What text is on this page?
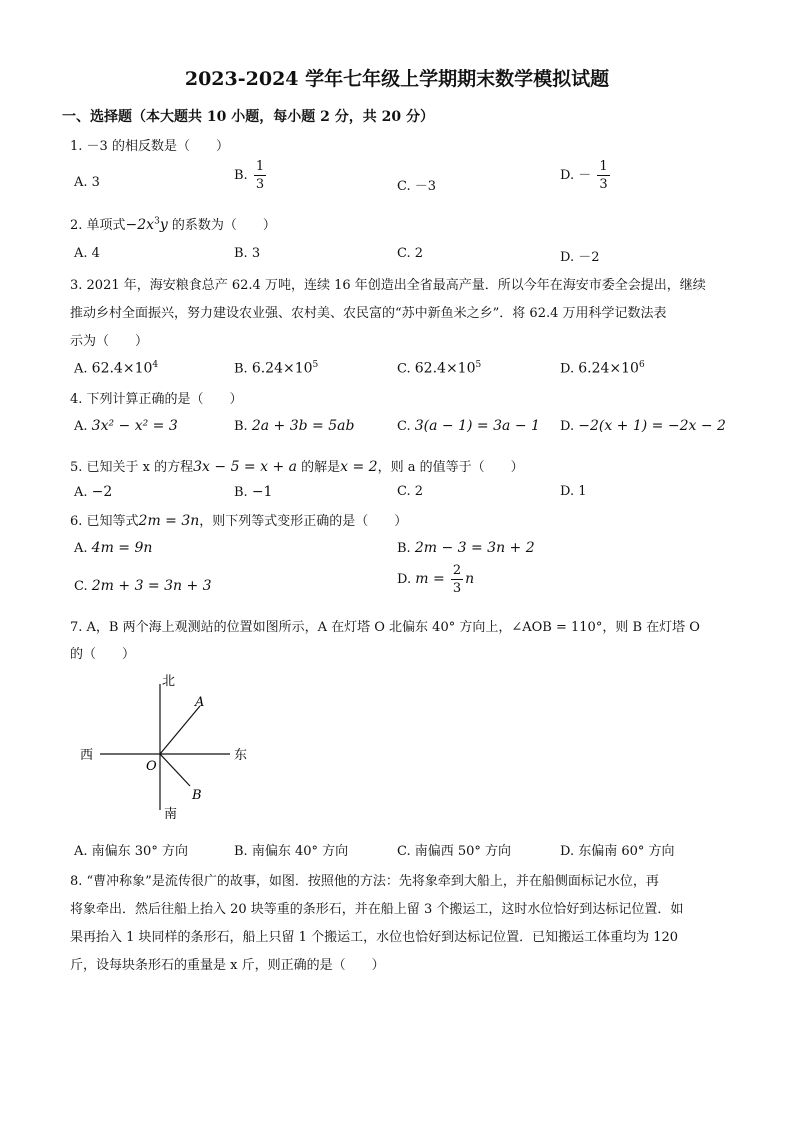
2023-2024 学年七年级上学期期末数学模拟试题
一、选择题（本大题共 10 小题，每小题 2 分，共 20 分）
1. －3 的相反数是（　　）
A. 3	B. $\frac{1}{3}$	C. －3
D. － $\frac{1}{3}$
2. 单项式$-2x^3y$ 的系数为（　　）
A. 4	B. 3	C. 2	D. －2
3. 2021 年，海安粮食总产 62.4 万吨，连续 16 年创造出全省最高产量．所以今年在海安市委全会提出，继续
推动乡村全面振兴，努力建设农业强、农村美、农民富的“苏中新鱼米之乡”．将 62.4 万用科学记数法表
示为（　　）
A. $62.4\times 10^4$	B. $6.24\times 10^5$	C. $62.4\times 10^5$	D. $6.24\times 10^6$
4. 下列计算正确的是（　　）
A. 3x² − x² = 3	B. 2a + 3b = 5ab	C. 3(a − 1) = 3a − 1 D. −2(x + 1) = −2x − 2
5. 已知关于 x 的方程3x − 5 = x + a 的解是x = 2，则 a 的值等于（　　）
A. −2	B. −1	C. 2	D. 1
6. 已知等式2m = 3n，则下列等式变形正确的是（　　）
A. 4m = 9n	B. 2m − 3 = 3n + 2
C. 2m + 3 = 3n + 3	D. $m = \frac{2}{3}$ n
7. A，B 两个海上观测站的位置如图所示，A 在灯塔 O 北偏东 40° 方向上，∠AOB = 110°，则 B 在灯塔 O
的（　　）
北
南
西	东
A
B
O
A. 南偏东 30° 方向	B. 南偏东 40° 方向	C. 南偏西 50° 方向	D. 东偏南 60° 方向
8. “曹冲称象”是流传很广的故事，如图．按照他的方法：先将象牵到大船上，并在船侧面标记水位，再
将象牵出．然后往船上抬入 20 块等重的条形石，并在船上留 3 个搬运工，这时水位恰好到达标记位置．如
果再抬入 1 块同样的条形石，船上只留 1 个搬运工，水位也恰好到达标记位置．已知搬运工体重均为 120
斤，设每块条形石的重量是 x 斤，则正确的是（　　）
